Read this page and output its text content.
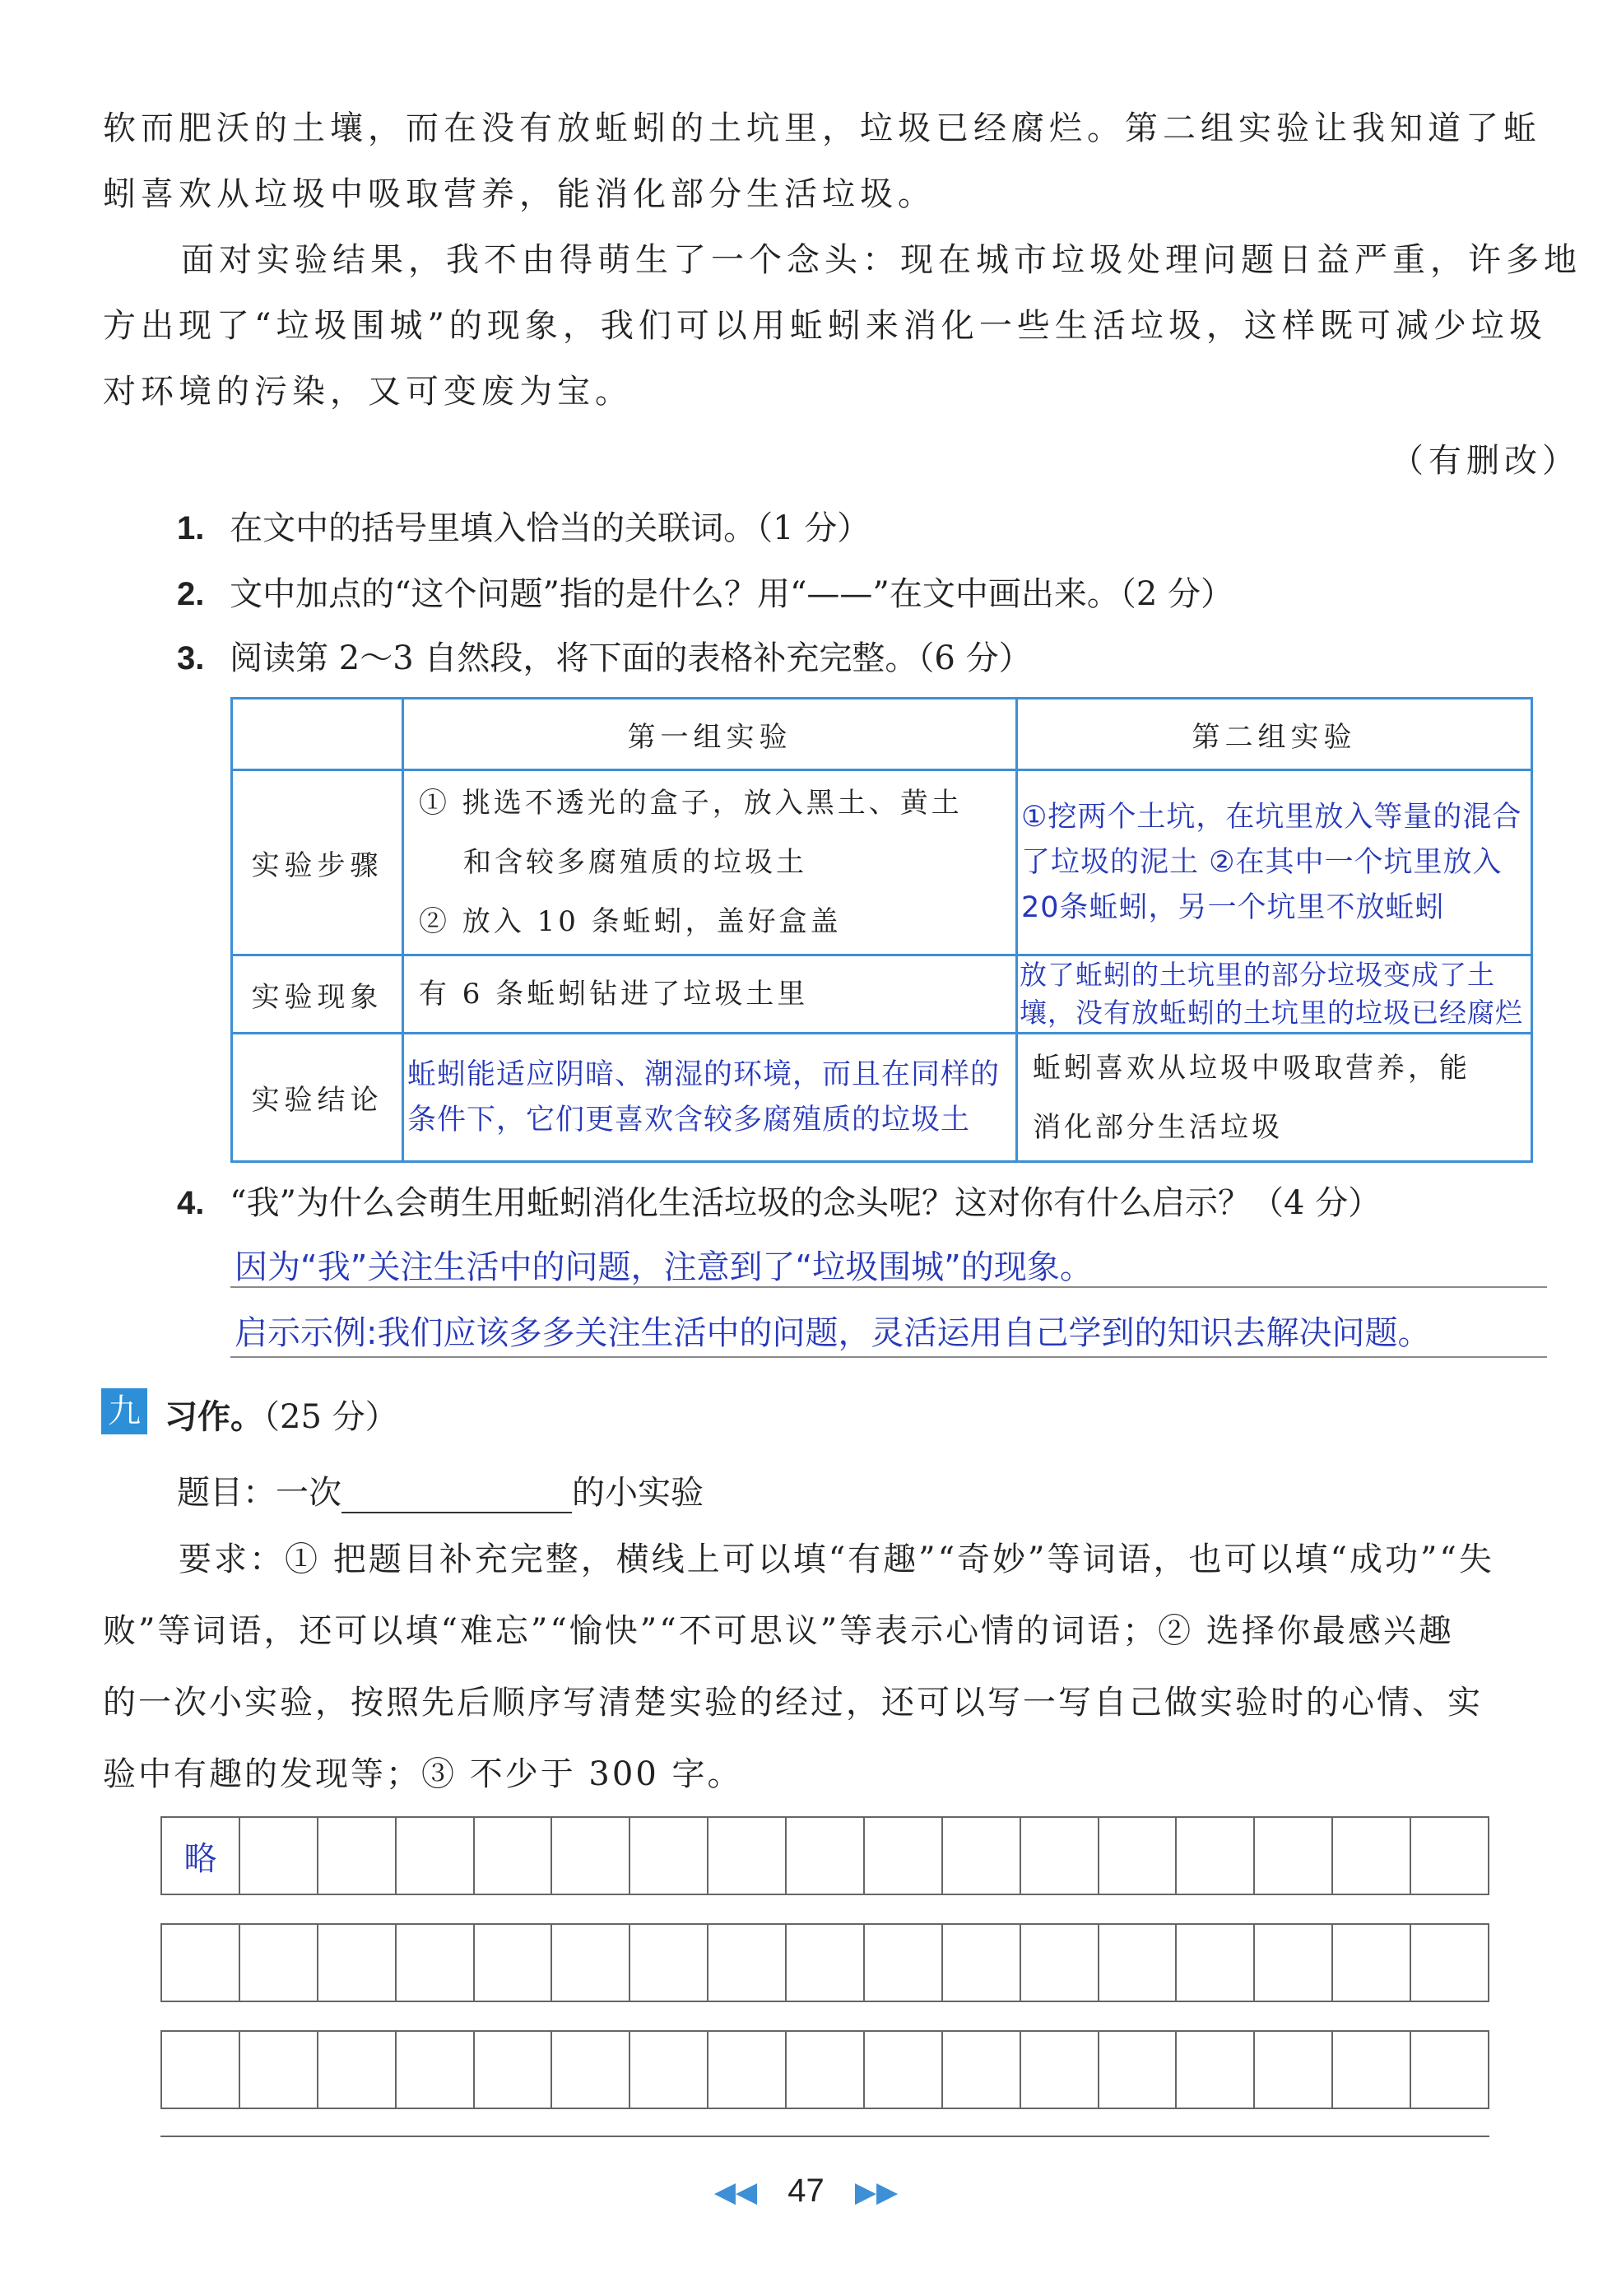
软而肥沃的土壤，而在没有放蚯蚓的土坑里，垃圾已经腐烂。第二组实验让我知道了蚯
蚓喜欢从垃圾中吸取营养，能消化部分生活垃圾。
面对实验结果，我不由得萌生了一个念头：现在城市垃圾处理问题日益严重，许多地
方出现了“垃圾围城”的现象，我们可以用蚯蚓来消化一些生活垃圾，这样既可减少垃圾
对环境的污染，又可变废为宝。
（有删改）
1. 在文中的括号里填入恰当的关联词。（1 分）
2. 文中加点的“这个问题”指的是什么？用“——”在文中画出来。（2 分）
3. 阅读第 2～3 自然段，将下面的表格补充完整。（6 分）
	第一组实验	第二组实验
实验步骤	① 挑选不透光的盒子，放入黑土、黄土
和含较多腐殖质的垃圾土
② 放入 10 条蚯蚓，盖好盒盖	①挖两个土坑，在坑里放入等量的混合了垃圾的泥土 ②在其中一个坑里放入20条蚯蚓，另一个坑里不放蚯蚓
实验现象	有 6 条蚯蚓钻进了垃圾土里	放了蚯蚓的土坑里的部分垃圾变成了土壤，没有放蚯蚓的土坑里的垃圾已经腐烂
实验结论	蚯蚓能适应阴暗、潮湿的环境，而且在同样的条件下，它们更喜欢含较多腐殖质的垃圾土	蚯蚓喜欢从垃圾中吸取营养，能
消化部分生活垃圾
4. “我”为什么会萌生用蚯蚓消化生活垃圾的念头呢？这对你有什么启示？（4 分）
因为“我”关注生活中的问题，注意到了“垃圾围城”的现象。
启示示例:我们应该多多关注生活中的问题，灵活运用自己学到的知识去解决问题。
九 习作。（25 分）
题目：一次	的小实验
要求：① 把题目补充完整，横线上可以填“有趣”“奇妙”等词语，也可以填“成功”“失
败”等词语，还可以填“难忘”“愉快”“不可思议”等表示心情的词语；② 选择你最感兴趣
的一次小实验，按照先后顺序写清楚实验的经过，还可以写一写自己做实验时的心情、实
验中有趣的发现等；③ 不少于 300 字。
略
◀◀ 47 ▶▶
